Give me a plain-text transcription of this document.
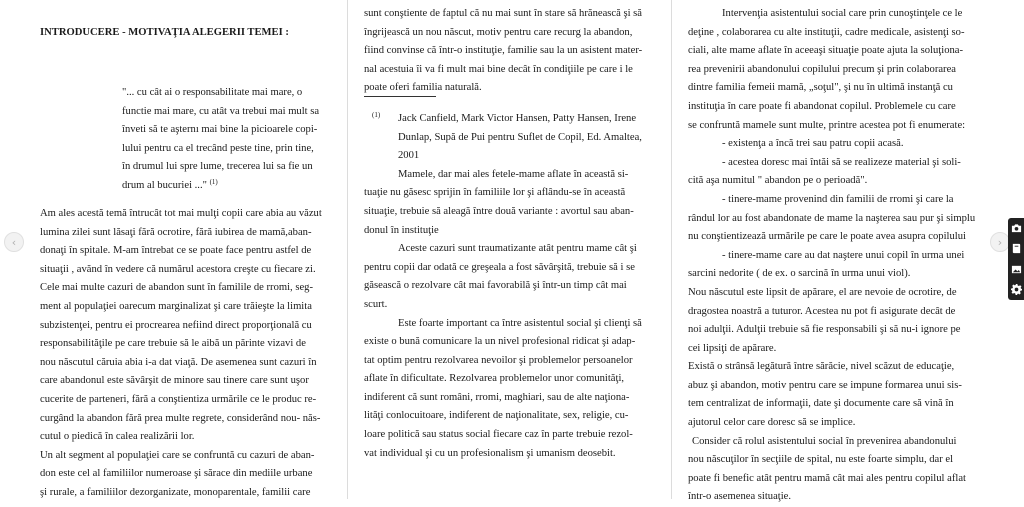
INTRODUCERE - MOTIVAŢIA ALEGERII TEMEI :

"... cu cât ai o responsabilitate mai mare, o

functie mai mare, cu atât va trebui mai mult sa

înveti să te aşternı mai bine la picioarele copi-

lului pentru ca el trecând peste tine, prin tine,

în drumul lui spre lume, trecerea lui sa fie un

drum al bucuriei ..." $^{(1)}$

Am ales acestă temă întrucât tot mai mulţi copii care abia au văzut

lumina zilei sunt lăsaţi fără ocrotire, fără iubirea de mamă,aban-

donaţi în spitale. M-am întrebat ce se poate face pentru astfel de

situaţii , avănd în vedere că numărul acestora creşte cu fiecare zi.

Cele mai multe cazuri de abandon sunt în familile de rromi, seg-

ment al populaţiei oarecum marginalizat şi care trăieşte la limita

subzistenţei, pentru ei procrearea nefiind direct proporţională cu

responsabilităţile pe care trebuie să le aibă un părinte vizavi de

nou născutul căruia abia i-a dat viaţă. De asemenea sunt cazuri în

care abandonul este săvârşit de minore sau tinere care sunt uşor

cucerite de parteneri, fără a conştientiza urmările ce le produc re-

curgând la abandon fără prea multe regrete, considerând nou- năs-

cutul o piedică în calea realizării lor.

Un alt segment al populaţiei care se confruntă cu cazuri de aban-

don este cel al familiilor numeroase şi sărace din mediile urbane

şi rurale, a familiilor dezorganizate, monoparentale, familii care

sunt conştiente de faptul că nu mai sunt în stare să hrănească şi să

îngrijească un nou născut, motiv pentru care recurg la abandon,

fiind convinse că într-o instituţie, familie sau la un asistent mater-

nal acestuia îi va fi mult mai bine decât în condiţiile pe care i le

poate oferi familia naturală.

(1) Jack Canfield, Mark Victor Hansen, Patty Hansen, Irene

Dunlap, Supă de Pui pentru Suflet de Copil, Ed. Amaltea,

2001

Mamele, dar mai ales fetele-mame aflate în această si-

tuaţie nu găsesc sprijin în familiile lor şi aflându-se în această

situaţie, trebuie să aleagă între două variante : avortul sau aban-

donul în instituţie

Aceste cazuri sunt traumatizante atât pentru mame cât şi

pentru copii dar odată ce greşeala a fost săvârşită, trebuie să i se

găsească o rezolvare cât mai favorabilă şi într-un timp cât mai

scurt.

Este foarte important ca între asistentul social şi clienţi să

existe o bună comunicare la un nivel profesional ridicat şi adap-

tat optim pentru rezolvarea nevoilor şi problemelor persoanelor

aflate în dificultate. Rezolvarea problemelor unor comunităţi,

indiferent că sunt români, rromi, maghiari, sau de alte naţiona-

lităţi conlocuitoare, indiferent de naţionalitate, sex, religie, cu-

loare politică sau status social fiecare caz în parte trebuie rezol-

vat individual şi cu un profesionalism şi umanism deosebit.

Intervenţia asistentului social care prin cunoştinţele ce le

deţine , colaborarea cu alte instituţii, cadre medicale, asistenţi so-

ciali, alte mame aflate în aceeaşi situaţie poate ajuta la soluţiona-

rea prevenirii abandonului copilului precum şi prin colaborarea

dintre familia femeii mamă, „soţul", şi nu în ultimă instanţă cu

instituţia în care poate fi abandonat copilul. Problemele cu care

se confruntă mamele sunt multe, printre acestea pot fi enumerate:

- existenţa a încă trei sau patru copii acasă.

- acestea doresc mai întăi să se realizeze material şi soli-

cită aşa numitul " abandon pe o perioadă".

- tinere-mame provenind din familii de rromi şi care la

rândul lor au fost abandonate de mame la naşterea sau pur şi simplu

nu conştientizează urmările pe care le poate avea asupra copilului

- tinere-mame care au dat naştere unui copil în urma unei

sarcini nedorite ( de ex. o sarcină în urma unui viol).

Nou născutul este lipsit de apărare, el are nevoie de ocrotire, de

dragostea noastră a tuturor. Acestea nu pot fi asigurate decât de

noi adulţii. Adulţii trebuie să fie responsabili şi să nu-i ignore pe

cei lipsiţi de apărare.

Există o strânsă legătură între sărăcie, nivel scăzut de educaţie,

abuz şi abandon, motiv pentru care se impune formarea unui sis-

tem centralizat de informaţii, date şi documente care să vină în

ajutorul celor care doresc să se implice.

Consider că rolul asistentului social în prevenirea abandonului

nou născuţilor în secţiile de spital, nu este foarte simplu, dar el

poate fi benefic atât pentru mamă cât mai ales pentru copilul aflat

într-o asemenea situaţie.

‹	›
